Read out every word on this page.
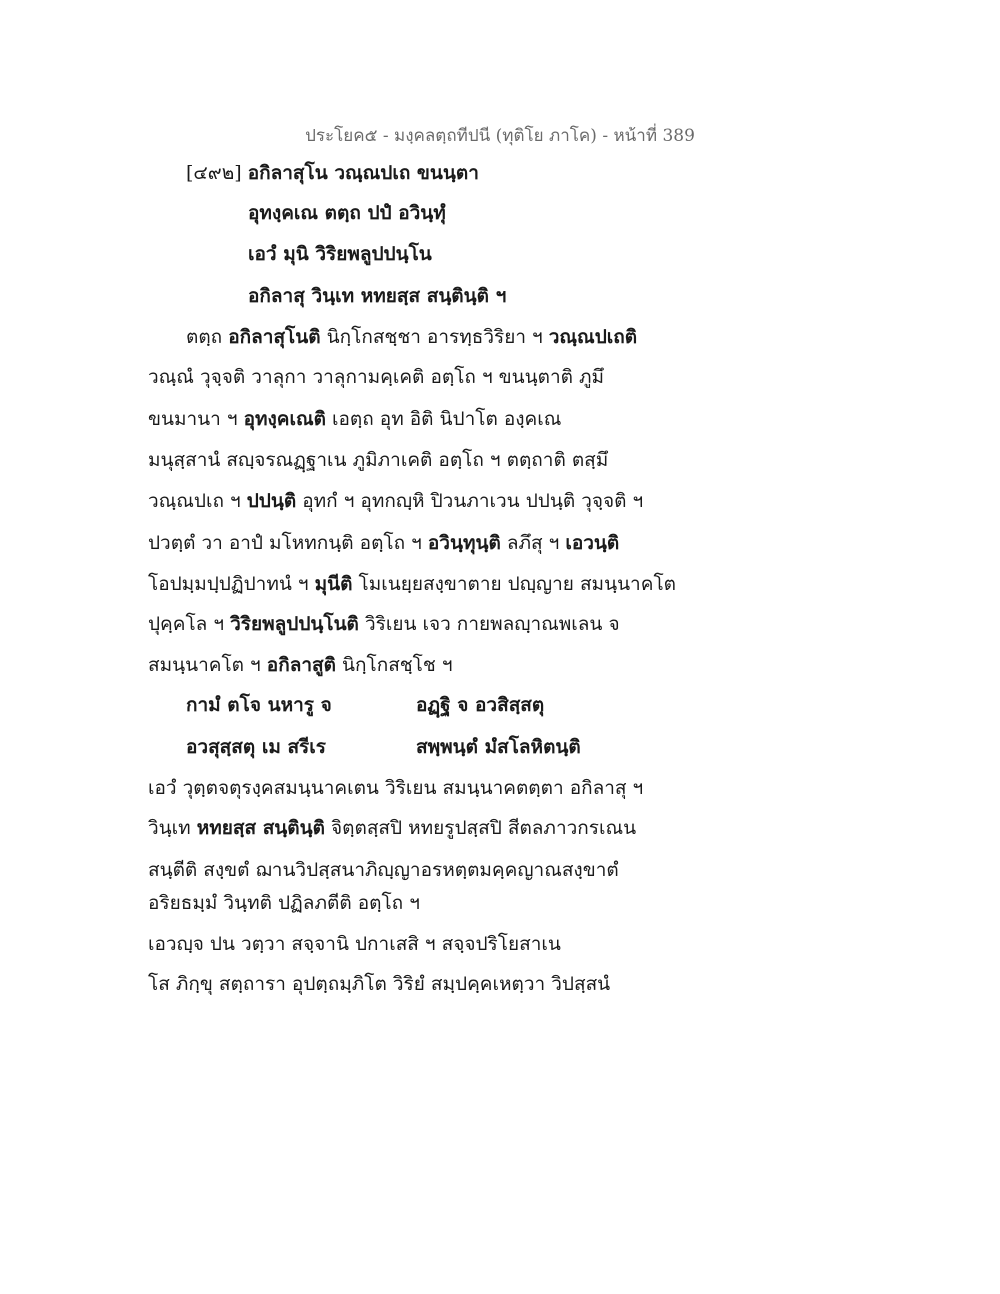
ประโยค๕ - มงฺคลตฺถทีปนี (ทุติโย ภาโค) - หน้าที่ 389
[๔๙๒] อกิลาสุโน วณฺณปเถ ขนนฺตา
อุทงฺคเณ ตตฺถ ปปํ อวินฺทุํ
เอวํ มุนิ วิริยพลูปปนฺโน
อกิลาสุ วินฺเท หทยสฺส สนฺตินฺติ ฯ
ตตฺถ อกิลาสุโนติ นิกฺโกสชฺชา อารทฺธวิริยา ฯ วณฺณปเถติ
วณฺณํ วุจฺจติ วาลุกา วาลุกามคฺเคติ อตฺโถ ฯ ขนนฺตาติ ภูมึ
ขนมานา ฯ อุทงฺคเณติ เอตฺถ อุท อิติ นิปาโต องฺคเณ
มนุสฺสานํ สญฺจรณฏฺฐาเน ภูมิภาเคติ อตฺโถ ฯ ตตฺถาติ ตสฺมึ
วณฺณปเถ ฯ ปปนฺติ อุทกํ ฯ อุทกญฺหิ ปิวนภาเวน ปปนฺติ วุจฺจติ ฯ
ปวตฺตํ วา อาปํ มโหทกนฺติ อตฺโถ ฯ อวินฺทุนฺติ ลภึสุ ฯ เอวนฺติ
โอปมฺมปฺปฏิปาทนํ ฯ มุนีติ โมเนยฺยสงฺขาตาย ปญฺญาย สมนฺนาคโต
ปุคฺคโล ฯ วิริยพลูปปนฺโนติ วิริเยน เจว กายพลญฺาณพเลน จ
สมนฺนาคโต ฯ อกิลาสูติ นิกฺโกสชฺโช ฯ
กามํ ตโจ นหารู จ	อฏฺฐิ จ อวสิสฺสตุ
อวสุสฺสตุ เม สรีเร	สพฺพนฺตํ มํสโลหิตนฺติ
เอวํ วุตฺตจตุรงฺคสมนฺนาคเตน วิริเยน สมนฺนาคตตฺตา อกิลาสุ ฯ
วินฺเท หทยสฺส สนฺตินฺติ จิตฺตสฺสปิ หทยรูปสฺสปิ สีตลภาวกรเณน
สนฺตีติ สงฺขตํ ฌานวิปสฺสนาภิญฺญาอรหตฺตมคฺคญาณสงฺขาตํ
อริยธมฺมํ วินฺทติ ปฏิลภตีติ อตฺโถ ฯ
เอวญฺจ ปน วตฺวา สจฺจานิ ปกาเสสิ ฯ สจฺจปริโยสาเน
โส ภิกฺขุ สตฺถารา อุปตฺถมฺภิโต วิริยํ สมฺปคฺคเหตฺวา วิปสฺสนํ
